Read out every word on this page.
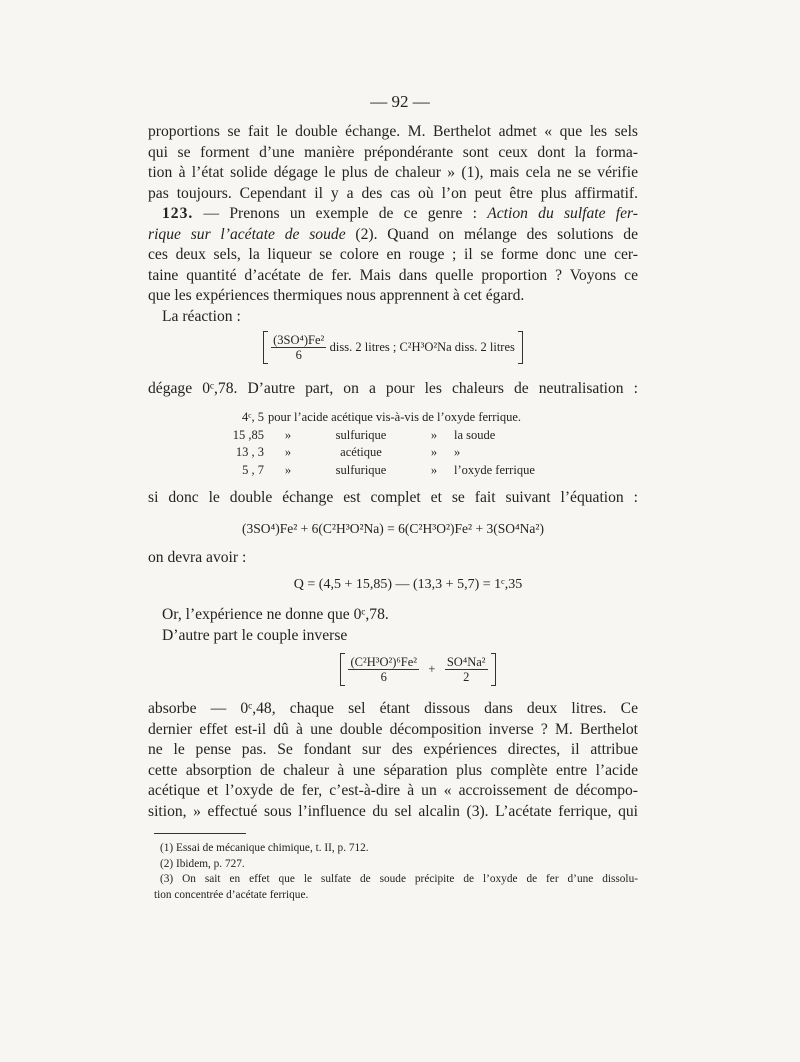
— 92 —
proportions se fait le double échange. M. Berthelot admet « que les sels
qui se forment d’une manière prépondérante sont ceux dont la forma-
tion à l’état solide dégage le plus de chaleur » (1), mais cela ne se vérifie
pas toujours. Cependant il y a des cas où l’on peut être plus affirmatif.
123. — Prenons un exemple de ce genre : Action du sulfate fer-
rique sur l’acétate de soude (2). Quand on mélange des solutions de
ces deux sels, la liqueur se colore en rouge ; il se forme donc une cer-
taine quantité d’acétate de fer. Mais dans quelle proportion ? Voyons ce
que les expériences thermiques nous apprennent à cet égard.
La réaction :
$\frac{\text{(3SO⁴)Fe²}}{6}$ diss. 2 litres ; C²H³O²Na diss. 2 litres
dégage 0ᶜ,78. D’autre part, on a pour les chaleurs de neutralisation :
4ᶜ, 5	pour l’acide acétique vis-à-vis de l’oxyde ferrique.			
15 ,85	»	sulfurique	»	la soude
13 , 3	»	acétique	»	»
5 , 7	»	sulfurique	»	l’oxyde ferrique
si donc le double échange est complet et se fait suivant l’équation :
(3SO⁴)Fe² + 6(C²H³O²Na) = 6(C²H³O²)Fe² + 3(SO⁴Na²)
on devra avoir :
Q = (4,5 + 15,85) — (13,3 + 5,7) = 1ᶜ,35
Or, l’expérience ne donne que 0ᶜ,78.
D’autre part le couple inverse
$\frac{\text{(C²H³O²)⁶Fe²}}{6} + \frac{\text{SO⁴Na²}}{2}$
absorbe — 0ᶜ,48, chaque sel étant dissous dans deux litres. Ce
dernier effet est-il dû à une double décomposition inverse ? M. Berthelot
ne le pense pas. Se fondant sur des expériences directes, il attribue
cette absorption de chaleur à une séparation plus complète entre l’acide
acétique et l’oxyde de fer, c’est-à-dire à un « accroissement de décompo-
sition, » effectué sous l’influence du sel alcalin (3). L’acétate ferrique, qui
(1) Essai de mécanique chimique, t. II, p. 712.
(2) Ibidem, p. 727.
(3) On sait en effet que le sulfate de soude précipite de l’oxyde de fer d’une dissolu-
tion concentrée d’acétate ferrique.
